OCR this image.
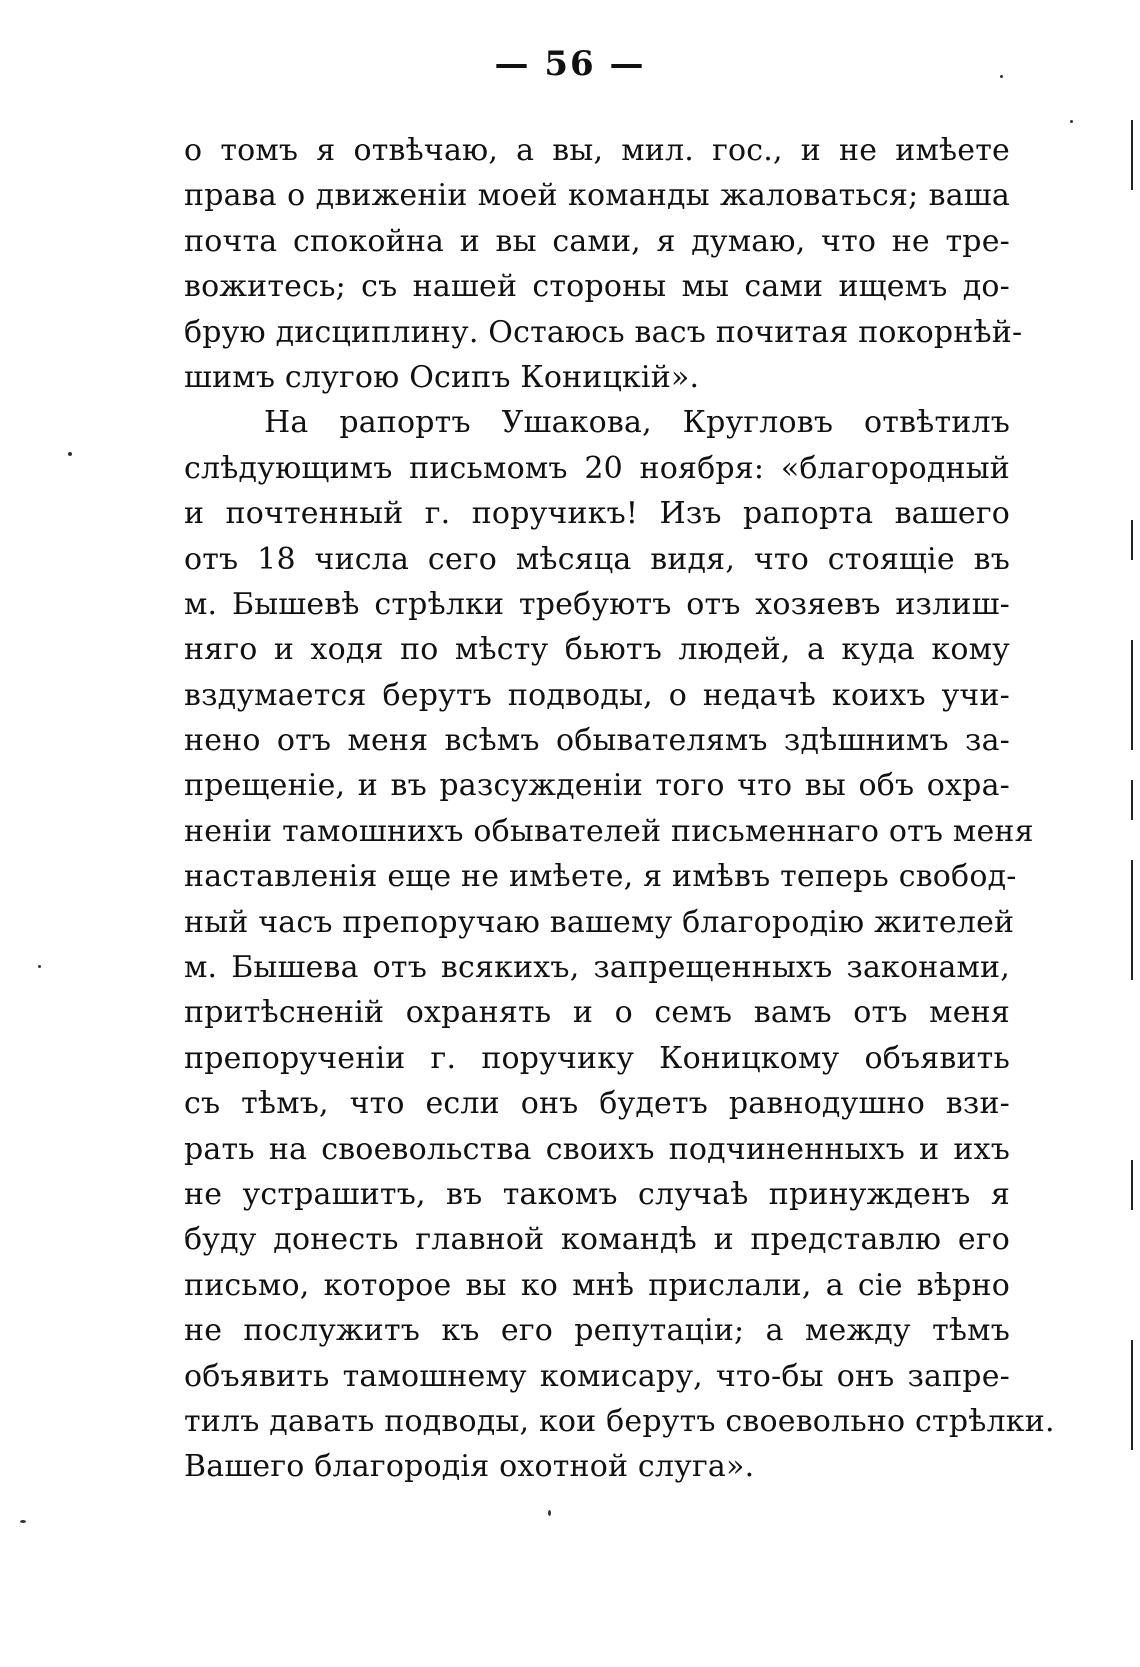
— 56 —
о томъ я отвѣчаю, а вы, мил. гос., и не имѣете
права о движеніи моей команды жаловаться; ваша
почта спокойна и вы сами, я думаю, что не тре-
вожитесь; съ нашей стороны мы сами ищемъ до-
брую дисциплину. Остаюсь васъ почитая покорнѣй-
шимъ слугою Осипъ Коницкій».
На рапортъ Ушакова, Кругловъ отвѣтилъ
слѣдующимъ письмомъ 20 ноября: «благородный
и почтенный г. поручикъ! Изъ рапорта вашего
отъ 18 числа сего мѣсяца видя, что стоящіе въ
м. Бышевѣ стрѣлки требуютъ отъ хозяевъ излиш-
няго и ходя по мѣсту бьютъ людей, а куда кому
вздумается берутъ подводы, о недачѣ коихъ учи-
нено отъ меня всѣмъ обывателямъ здѣшнимъ за-
прещеніе, и въ разсужденіи того что вы объ охра-
неніи тамошнихъ обывателей письменнаго отъ меня
наставленія еще не имѣете, я имѣвъ теперь свобод-
ный часъ препоручаю вашему благородію жителей
м. Бышева отъ всякихъ, запрещенныхъ законами,
притѣсненій охранять и о семъ вамъ отъ меня
препорученіи г. поручику Коницкому объявить
съ тѣмъ, что если онъ будетъ равнодушно взи-
рать на своевольства своихъ подчиненныхъ и ихъ
не устрашитъ, въ такомъ случаѣ принужденъ я
буду донесть главной командѣ и представлю его
письмо, которое вы ко мнѣ прислали, а сіе вѣрно
не послужитъ къ его репутаціи; а между тѣмъ
объявить тамошнему комисару, что-бы онъ запре-
тилъ давать подводы, кои берутъ своевольно стрѣлки.
Вашего благородія охотной слуга».
